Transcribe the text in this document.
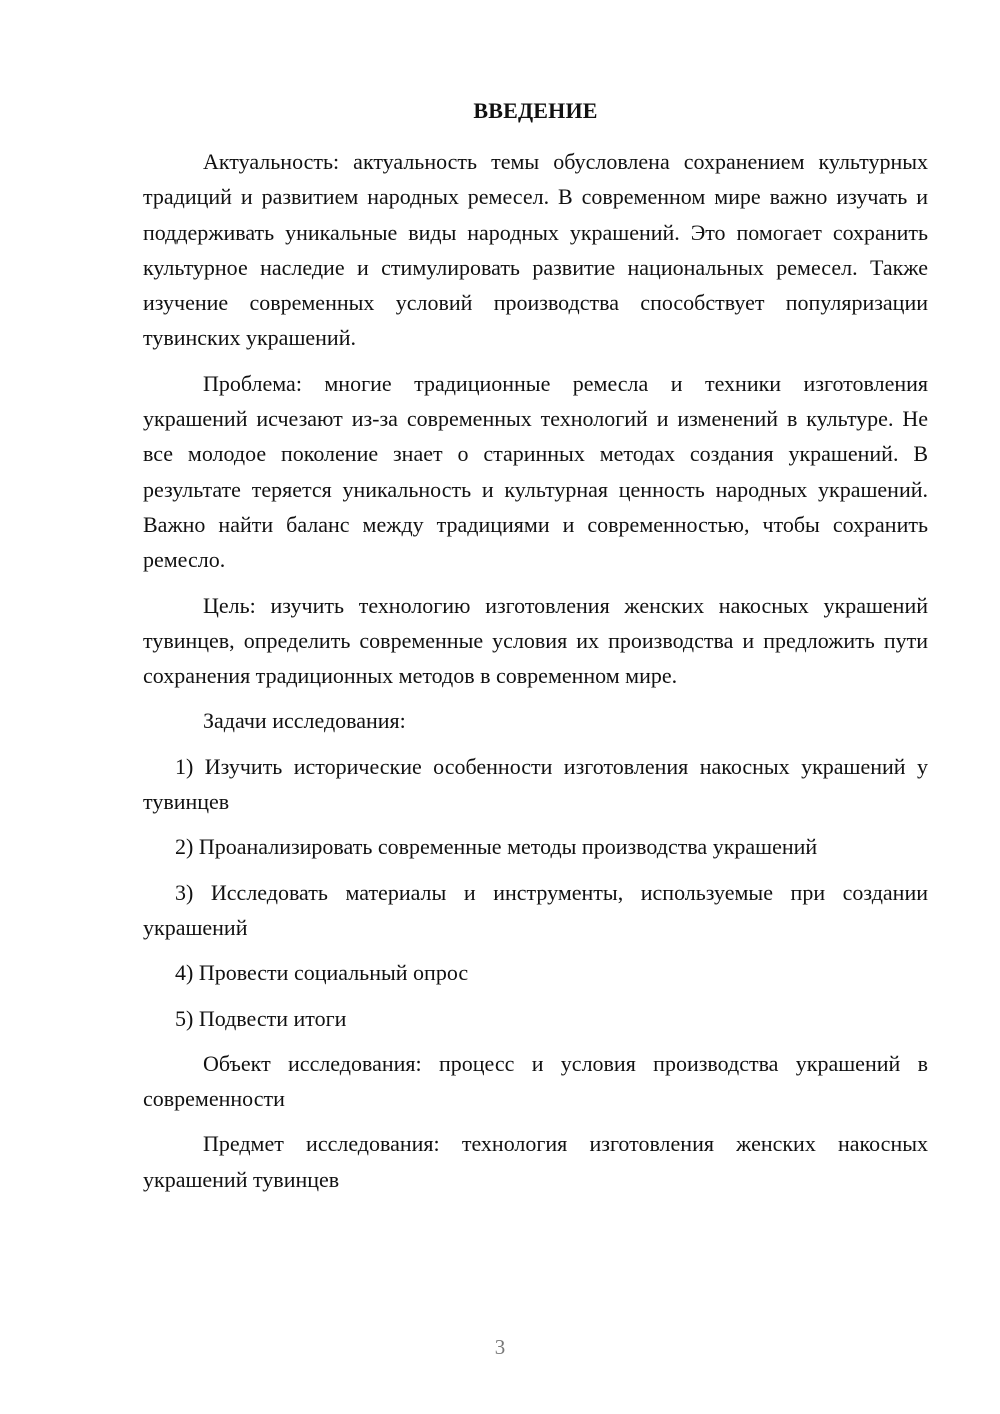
ВВЕДЕНИЕ

Актуальность: актуальность темы обусловлена сохранением культурных традиций и развитием народных ремесел. В современном мире важно изучать и поддерживать уникальные виды народных украшений. Это помогает сохранить культурное наследие и стимулировать развитие национальных ремесел. Также изучение современных условий производства способствует популяризации тувинских украшений.

Проблема: многие традиционные ремесла и техники изготовления украшений исчезают из-за современных технологий и изменений в культуре. Не все молодое поколение знает о старинных методах создания украшений. В результате теряется уникальность и культурная ценность народных украшений. Важно найти баланс между традициями и современностью, чтобы сохранить ремесло.

Цель: изучить технологию изготовления женских накосных украшений тувинцев, определить современные условия их производства и предложить пути сохранения традиционных методов в современном мире.

Задачи исследования:

1) Изучить исторические особенности изготовления накосных украшений у тувинцев

2) Проанализировать современные методы производства украшений

3) Исследовать материалы и инструменты, используемые при создании украшений

4) Провести социальный опрос

5) Подвести итоги

Объект исследования: процесс и условия производства украшений в современности

Предмет исследования: технология изготовления женских накосных украшений тувинцев

3
